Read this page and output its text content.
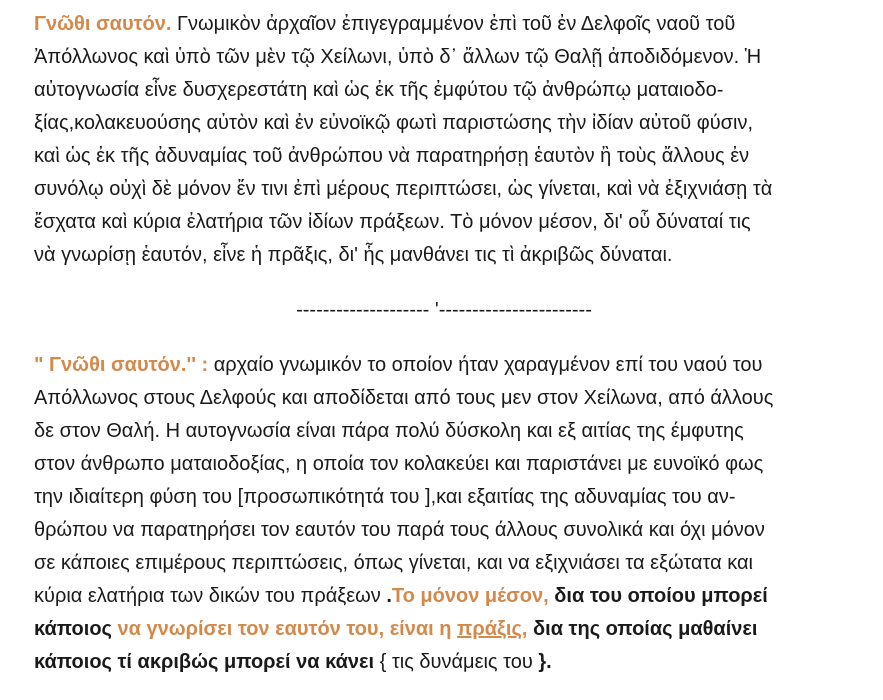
Γνῶθι σαυτόν. Γνωμικὸν ἀρχαῖον ἐπιγεγραμμένον ἐπὶ τοῦ ἐν Δελφοῖς ναοῦ τοῦ
Ἀπόλλωνος καὶ ὑπὸ τῶν μὲν τῷ Χείλωνι, ὑπὸ δ᾽ ἄλλων τῷ Θαλῇ ἀποδιδόμενον. Ἡ
αὐτογνωσία εἶνε δυσχερεστάτη καὶ ὡς ἐκ τῆς ἐμφύτου τῷ ἀνθρώπῳ ματαιοδο-
ξίας,κολακευούσης αὐτὸν καὶ ἐν εὐνοϊκῷ φωτὶ παριστώσης τὴν ἰδίαν αὐτοῦ φύσιν,
καὶ ὡς ἐκ τῆς ἀδυναμίας τοῦ ἀνθρώπου νὰ παρατηρήσῃ ἑαυτὸν ἢ τοὺς ἄλλους ἐν
συνόλῳ οὐχὶ δὲ μόνον ἔν τινι ἐπὶ μέρους περιπτώσει, ὡς γίνεται, καὶ νὰ ἐξιχνιάσῃ τὰ
ἔσχατα καὶ κύρια ἐλατήρια τῶν ἰδίων πράξεων. Τὸ μόνον μέσον, δι' οὗ δύναταί τις
νὰ γνωρίσῃ ἑαυτόν, εἶνε ἡ πρᾶξις, δι' ἧς μανθάνει τις τὶ ἀκριβῶς δύναται.

-------------------- '-----------------------

" Γνῶθι σαυτόν.'' : αρχαίο γνωμικόν το οποίον ήταν χαραγμένον επί του ναού του
Απόλλωνος στους Δελφούς και αποδίδεται από τους μεν στον Χείλωνα, από άλλους
δε στον Θαλή. Η αυτογνωσία είναι πάρα πολύ δύσκολη και εξ αιτίας της έμφυτης
στον άνθρωπο ματαιοδοξίας, η οποία τον κολακεύει και παριστάνει με ευνοϊκό φως
την ιδιαίτερη φύση του [προσωπικότητά του ],και εξαιτίας της αδυναμίας του αν-
θρώπου να παρατηρήσει τον εαυτόν του παρά τους άλλους συνολικά και όχι μόνον
σε κάποιες επιμέρους περιπτώσεις, όπως γίνεται, και να εξιχνιάσει τα εξώτατα και
κύρια ελατήρια των δικών του πράξεων .Το μόνον μέσον, δια του οποίου μπορεί
κάποιος να γνωρίσει τον εαυτόν του, είναι η πράξις, δια της οποίας μαθαίνει
κάποιος τί ακριβώς μπορεί να κάνει { τις δυνάμεις του }.
